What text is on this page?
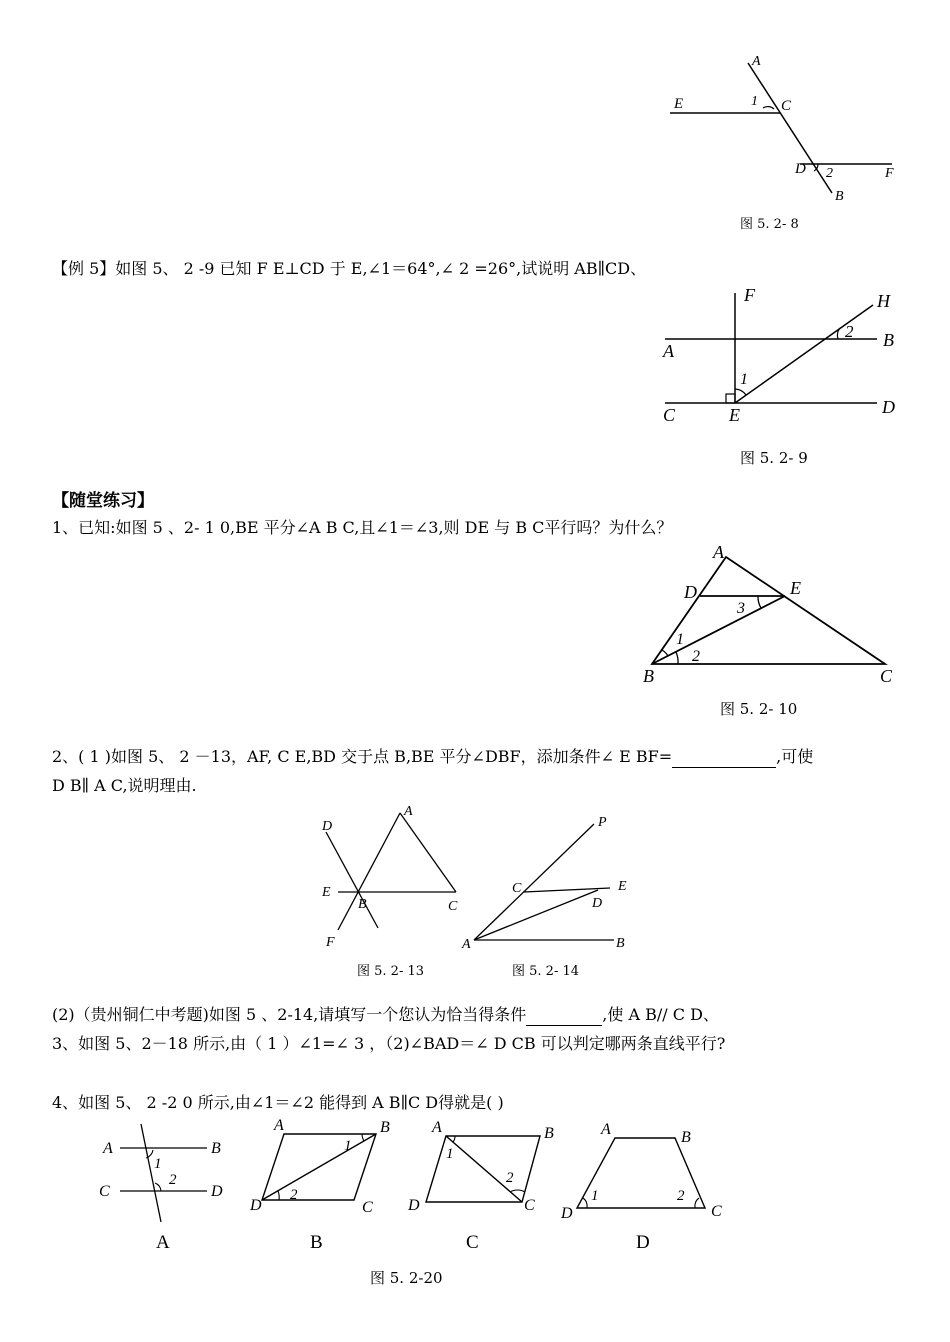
A
E	1 C
D 2	F
B
图 5. 2- 8
【例 5】如图 5、 2 -9 已知 F E⊥CD 于 E,∠1＝64°,∠ 2 =26°,试说明 AB∥CD、
F	H
2
A
B
1
C	E	D
图 5. 2- 9
【随堂练习】
1、已知:如图 5 、2- 1 0,BE 平分∠A B C,且∠1＝∠3,则 DE 与 B C平行吗？为什么？
A
D	E
3
1
2
B	C
图 5. 2- 10
2、( 1 )如图 5、 2 －13，AF, C E,BD 交于点 B,BE 平分∠DBF，添加条件∠ E BF=	,可使
D B∥ A C,说明理由.
D
A
E
B	C
F
图 5. 2- 13
P
C	E
D
A	B
图 5. 2- 14
(2)（贵州铜仁中考题)如图 5 、2-14,请填写一个您认为恰当得条件	,使 A B// C D、
3、如图 5、2－18 所示,由（ 1 ）∠1=∠ 3 ，（2)∠BAD＝∠ D CB 可以判定哪两条直线平行?
4、如图 5、 2 -2 0 所示,由∠1＝∠2 能得到 A B∥C D得就是( )
A	B
1
C	D
2
A
A	B
1
D	C
2
B
A	B
1
2
D	C
C
A	B
1	2
D	C
D
图 5. 2-20
